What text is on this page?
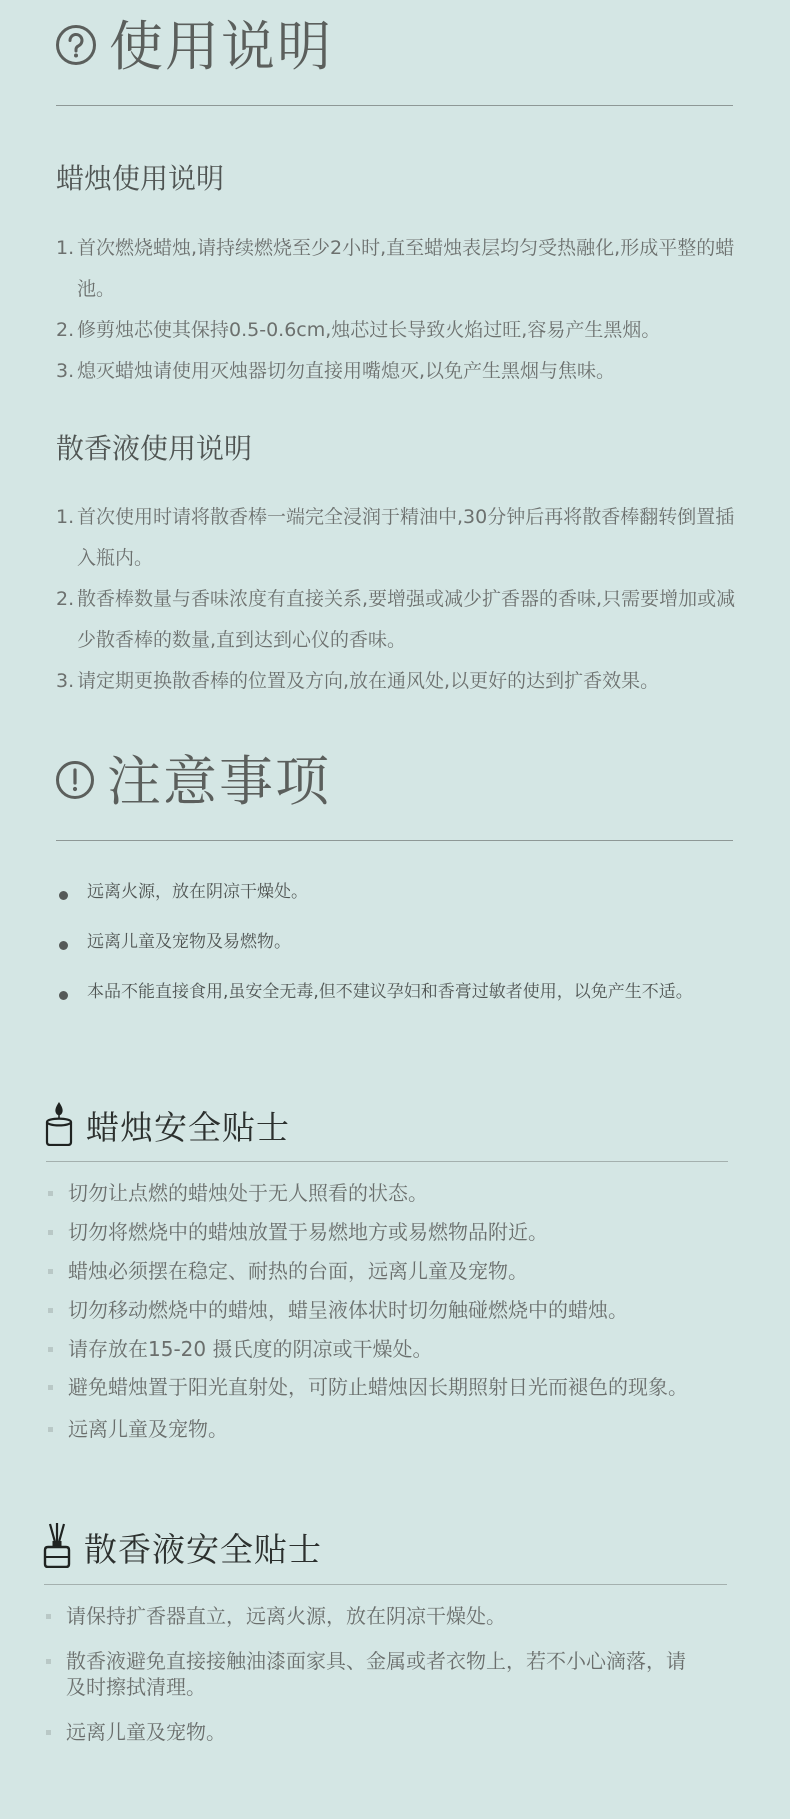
使用说明
蜡烛使用说明
1. 首次燃烧蜡烛,请持续燃烧至少2小时,直至蜡烛表层均匀受热融化,形成平整的蜡池。
2. 修剪烛芯使其保持0.5-0.6cm,烛芯过长导致火焰过旺,容易产生黑烟。
3. 熄灭蜡烛请使用灭烛器切勿直接用嘴熄灭,以免产生黑烟与焦味。
散香液使用说明
1. 首次使用时请将散香棒一端完全浸润于精油中,30分钟后再将散香棒翻转倒置插入瓶内。
2. 散香棒数量与香味浓度有直接关系,要增强或减少扩香器的香味,只需要增加或减少散香棒的数量,直到达到心仪的香味。
3. 请定期更换散香棒的位置及方向,放在通风处,以更好的达到扩香效果。
注意事项
远离火源，放在阴凉干燥处。
远离儿童及宠物及易燃物。
本品不能直接食用,虽安全无毒,但不建议孕妇和香膏过敏者使用，以免产生不适。
蜡烛安全贴士
切勿让点燃的蜡烛处于无人照看的状态。
切勿将燃烧中的蜡烛放置于易燃地方或易燃物品附近。
蜡烛必须摆在稳定、耐热的台面，远离儿童及宠物。
切勿移动燃烧中的蜡烛，蜡呈液体状时切勿触碰燃烧中的蜡烛。
请存放在15-20 摄氏度的阴凉或干燥处。
避免蜡烛置于阳光直射处，可防止蜡烛因长期照射日光而褪色的现象。
远离儿童及宠物。
散香液安全贴士
请保持扩香器直立，远离火源，放在阴凉干燥处。
散香液避免直接接触油漆面家具、金属或者衣物上，若不小心滴落，请及时擦拭清理。
远离儿童及宠物。
